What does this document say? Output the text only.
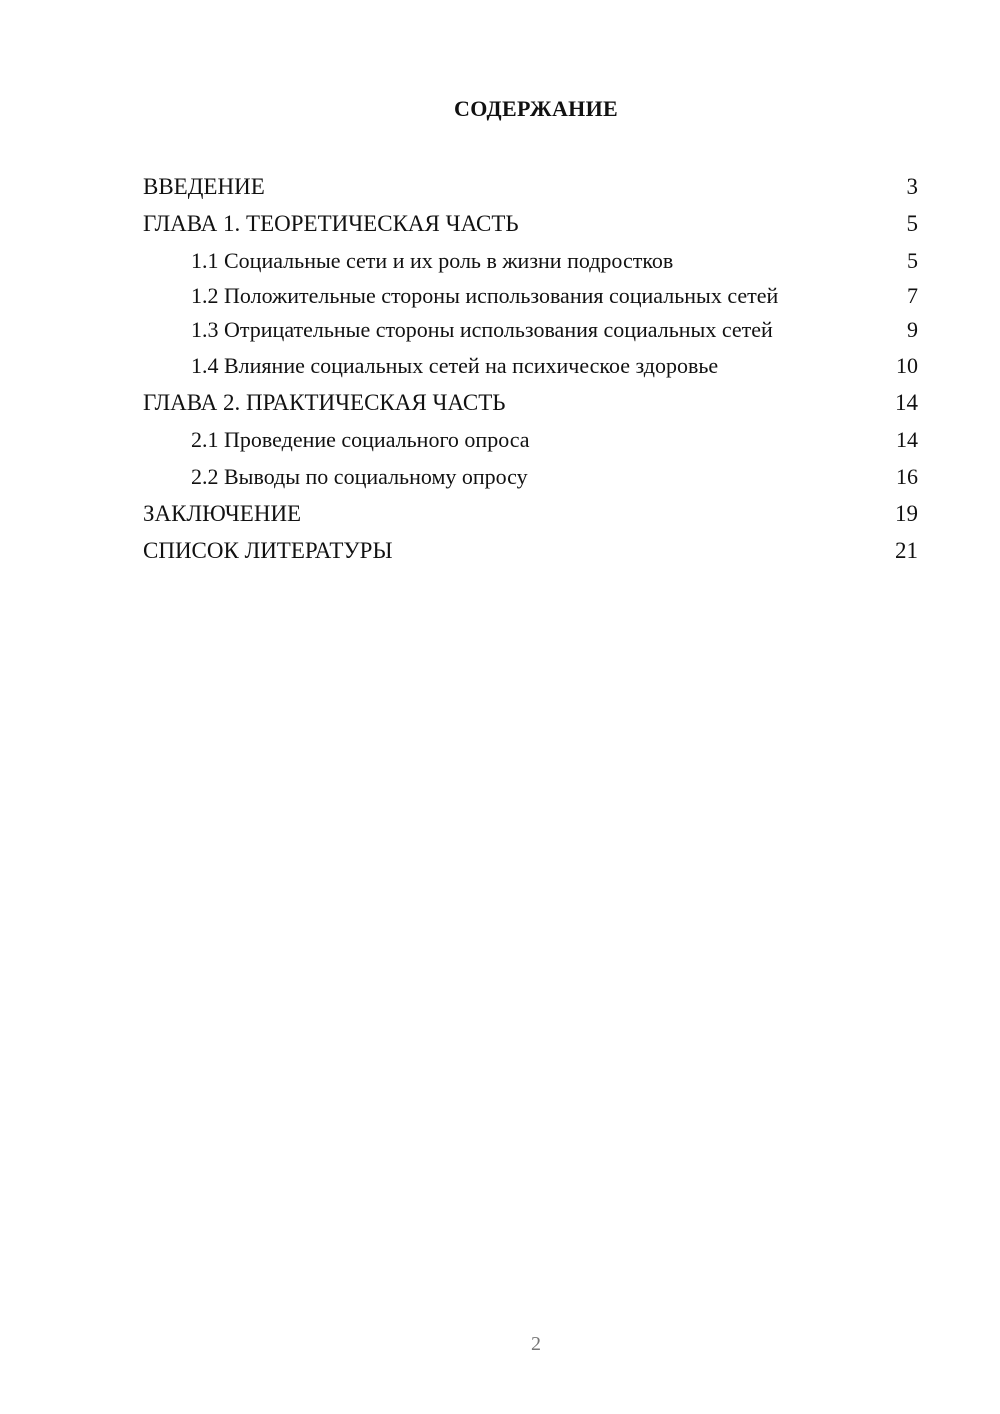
СОДЕРЖАНИЕ
ВВЕДЕНИЕ	3
ГЛАВА 1. ТЕОРЕТИЧЕСКАЯ ЧАСТЬ	5
1.1 Социальные сети и их роль в жизни подростков	5
1.2 Положительные стороны использования социальных сетей	7
1.3 Отрицательные стороны использования социальных сетей	9
1.4 Влияние социальных сетей на психическое здоровье	10
ГЛАВА 2. ПРАКТИЧЕСКАЯ ЧАСТЬ	14
2.1 Проведение социального опроса	14
2.2 Выводы по социальному опросу	16
ЗАКЛЮЧЕНИЕ	19
СПИСОК ЛИТЕРАТУРЫ	21
2
